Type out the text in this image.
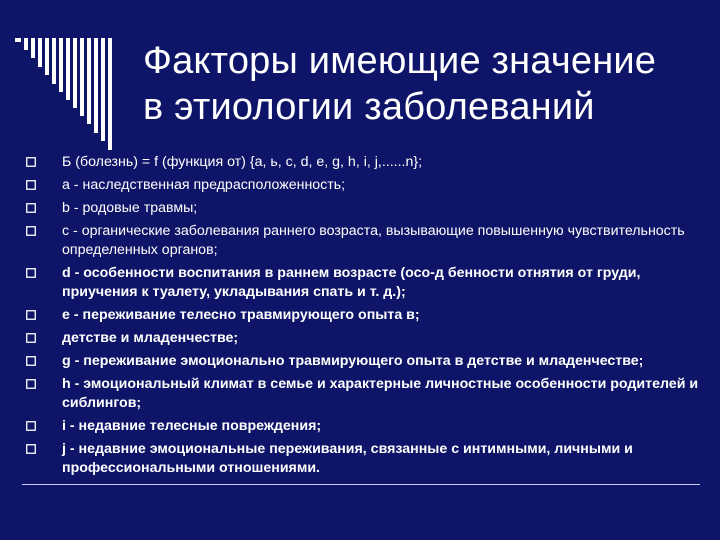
Факторы имеющие значение
в этиологии заболеваний
Б (болезнь) = f (функция от) {a, ь, c, d, e, g, h, i, j,......n};
a - наследственная предрасположенность;
b - родовые травмы;
c - органические заболевания раннего возраста, вызывающие повышенную чувствительность определенных органов;
d - особенности воспитания в раннем возрасте (осо-д бенности отнятия от груди, приучения к туалету, укладывания спать и т. д.);
e - переживание телесно травмирующего опыта в;
детстве и младенчестве;
g - переживание эмоционально травмирующего опыта в детстве и младенчестве;
h - эмоциональный климат в семье и характерные личностные особенности родителей и сиблингов;
i - недавние телесные повреждения;
j - недавние эмоциональные переживания, связанные с интимными, личными и профессиональными отношениями.
